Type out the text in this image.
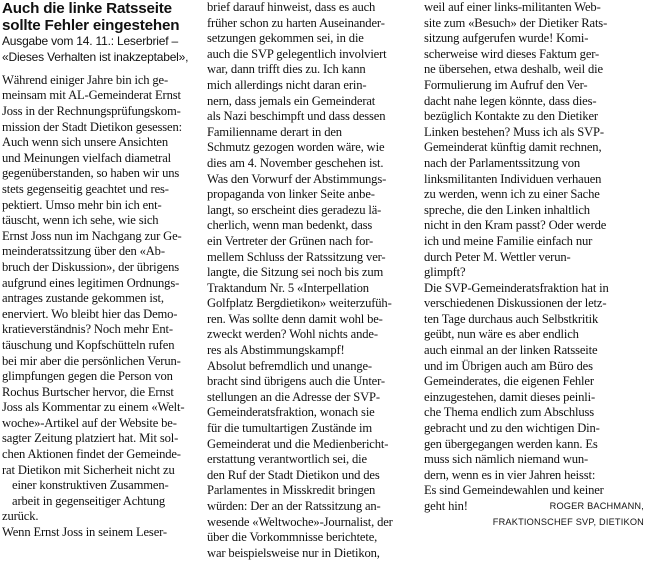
Auch die linke Ratsseite
sollte Fehler eingestehen
Ausgabe vom 14. 11.: Leserbrief –
«Dieses Verhalten ist inakzeptabel»,
Während einiger Jahre bin ich ge-
meinsam mit AL-Gemeinderat Ernst
Joss in der Rechnungsprüfungskom-
mission der Stadt Dietikon gesessen:
Auch wenn sich unsere Ansichten
und Meinungen vielfach diametral
gegenüberstanden, so haben wir uns
stets gegenseitig geachtet und res-
pektiert. Umso mehr bin ich ent-
täuscht, wenn ich sehe, wie sich
Ernst Joss nun im Nachgang zur Ge-
meinderatssitzung über den «Ab-
bruch der Diskussion», der übrigens
aufgrund eines legitimen Ordnungs-
antrages zustande gekommen ist,
enerviert. Wo bleibt hier das Demo-
kratieverständnis? Noch mehr Ent-
täuschung und Kopfschütteln rufen
bei mir aber die persönlichen Verun-
glimpfungen gegen die Person von
Rochus Burtscher hervor, die Ernst
Joss als Kommentar zu einem «Welt-
woche»-Artikel auf der Website be-
sagter Zeitung platziert hat. Mit sol-
chen Aktionen findet der Gemeinde-
rat Dietikon mit Sicherheit nicht zu
einer konstruktiven Zusammen-
arbeit in gegenseitiger Achtung
zurück.
Wenn Ernst Joss in seinem Leser-
brief darauf hinweist, dass es auch
früher schon zu harten Auseinander-
setzungen gekommen sei, in die
auch die SVP gelegentlich involviert
war, dann trifft dies zu. Ich kann
mich allerdings nicht daran erin-
nern, dass jemals ein Gemeinderat
als Nazi beschimpft und dass dessen
Familienname derart in den
Schmutz gezogen worden wäre, wie
dies am 4. November geschehen ist.
Was den Vorwurf der Abstimmungs-
propaganda von linker Seite anbe-
langt, so erscheint dies geradezu lä-
cherlich, wenn man bedenkt, dass
ein Vertreter der Grünen nach for-
mellem Schluss der Ratssitzung ver-
langte, die Sitzung sei noch bis zum
Traktandum Nr. 5 «Interpellation
Golfplatz Bergdietikon» weiterzufüh-
ren. Was sollte denn damit wohl be-
zweckt werden? Wohl nichts ande-
res als Abstimmungskampf!
Absolut befremdlich und unange-
bracht sind übrigens auch die Unter-
stellungen an die Adresse der SVP-
Gemeinderatsfraktion, wonach sie
für die tumultartigen Zustände im
Gemeinderat und die Medienbericht-
erstattung verantwortlich sei, die
den Ruf der Stadt Dietikon und des
Parlamentes in Misskredit bringen
würden: Der an der Ratssitzung an-
wesende «Weltwoche»-Journalist, der
über die Vorkommnisse berichtete,
war beispielsweise nur in Dietikon,
weil auf einer links-militanten Web-
site zum «Besuch» der Dietiker Rats-
sitzung aufgerufen wurde! Komi-
scherweise wird dieses Faktum ger-
ne übersehen, etwa deshalb, weil die
Formulierung im Aufruf den Ver-
dacht nahe legen könnte, dass dies-
bezüglich Kontakte zu den Dietiker
Linken bestehen? Muss ich als SVP-
Gemeinderat künftig damit rechnen,
nach der Parlamentssitzung von
linksmilitanten Individuen verhauen
zu werden, wenn ich zu einer Sache
spreche, die den Linken inhaltlich
nicht in den Kram passt? Oder werde
ich und meine Familie einfach nur
durch Peter M. Wettler verun-
glimpft?
Die SVP-Gemeinderatsfraktion hat in
verschiedenen Diskussionen der letz-
ten Tage durchaus auch Selbstkritik
geübt, nun wäre es aber endlich
auch einmal an der linken Ratsseite
und im Übrigen auch am Büro des
Gemeinderates, die eigenen Fehler
einzugestehen, damit dieses peinli-
che Thema endlich zum Abschluss
gebracht und zu den wichtigen Din-
gen übergegangen werden kann. Es
muss sich nämlich niemand wun-
dern, wenn es in vier Jahren heisst:
Es sind Gemeindewahlen und keiner
geht hin!	ROGER BACHMANN,
FRAKTIONSCHEF SVP, DIETIKON
